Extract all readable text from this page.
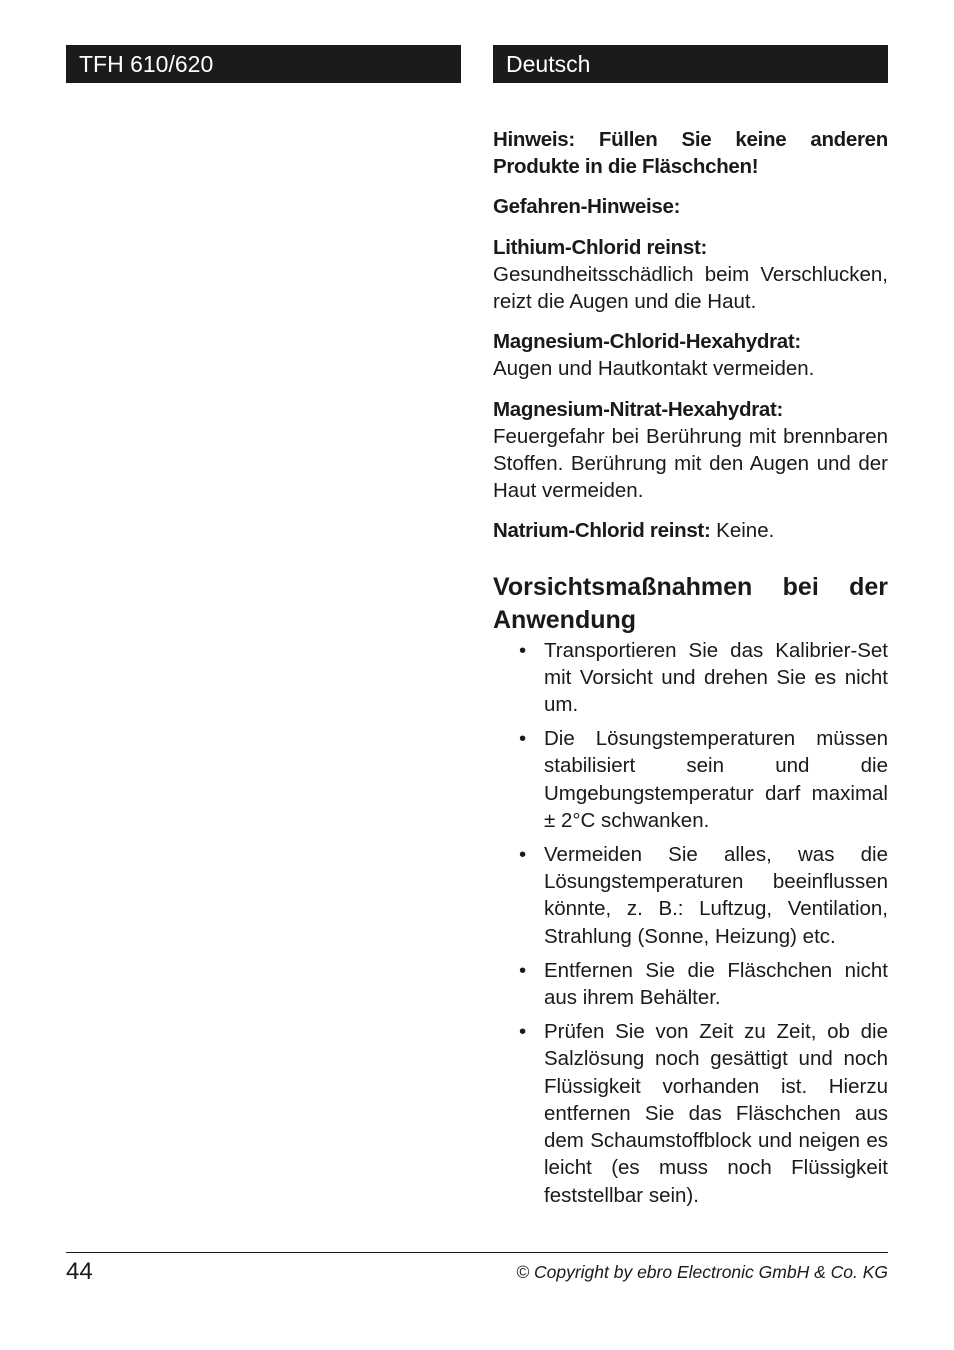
TFH 610/620	Deutsch

Hinweis: Füllen Sie keine anderen Produkte in die Fläschchen!

Gefahren-Hinweise:

Lithium-Chlorid reinst:
Gesundheitsschädlich beim Verschlucken, reizt die Augen und die Haut.

Magnesium-Chlorid-Hexahydrat:
Augen und Hautkontakt vermeiden.

Magnesium-Nitrat-Hexahydrat:
Feuergefahr bei Berührung mit brennbaren Stoffen. Berührung mit den Augen und der Haut vermeiden.

Natrium-Chlorid reinst: Keine.

Vorsichtsmaßnahmen bei der
Anwendung
• Transportieren Sie das Kalibrier-Set mit Vorsicht und drehen Sie es nicht um.
• Die Lösungstemperaturen müssen stabilisiert sein und die Umgebungstemperatur darf maximal ± 2°C schwanken.
• Vermeiden Sie alles, was die Lösungstemperaturen beeinflussen könnte, z. B.: Luftzug, Ventilation, Strahlung (Sonne, Heizung) etc.
• Entfernen Sie die Fläschchen nicht aus ihrem Behälter.
• Prüfen Sie von Zeit zu Zeit, ob die Salzlösung noch gesättigt und noch Flüssigkeit vorhanden ist. Hierzu entfernen Sie das Fläschchen aus dem Schaumstoffblock und neigen es leicht (es muss noch Flüssigkeit feststellbar sein).
44	© Copyright by ebro Electronic GmbH & Co. KG
